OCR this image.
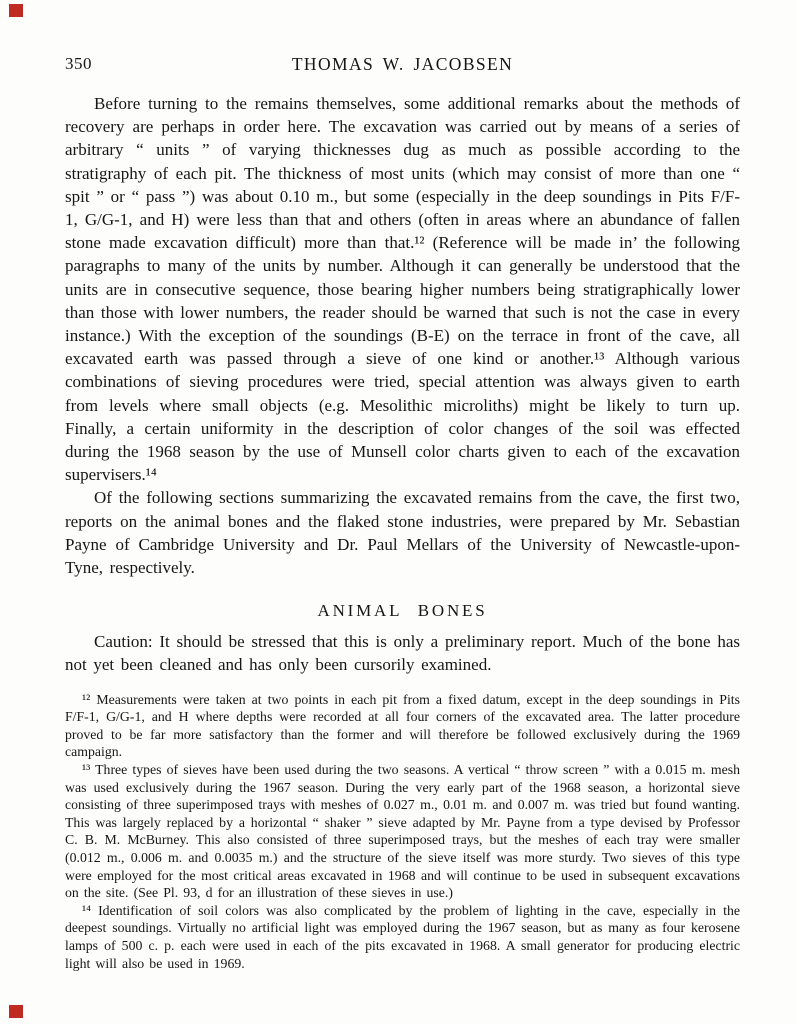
350	THOMAS W. JACOBSEN

Before turning to the remains themselves, some additional remarks about the methods of recovery are perhaps in order here. The excavation was carried out by means of a series of arbitrary “ units ” of varying thicknesses dug as much as possible according to the stratigraphy of each pit. The thickness of most units (which may consist of more than one “ spit ” or “ pass ”) was about 0.10 m., but some (especially in the deep soundings in Pits F/F-1, G/G-1, and H) were less than that and others (often in areas where an abundance of fallen stone made excavation difficult) more than that.¹² (Reference will be made in’ the following paragraphs to many of the units by number. Although it can generally be understood that the units are in consecutive sequence, those bearing higher numbers being stratigraphically lower than those with lower numbers, the reader should be warned that such is not the case in every instance.) With the exception of the soundings (B-E) on the terrace in front of the cave, all excavated earth was passed through a sieve of one kind or another.¹³ Although various combinations of sieving procedures were tried, special attention was always given to earth from levels where small objects (e.g. Mesolithic microliths) might be likely to turn up. Finally, a certain uniformity in the description of color changes of the soil was effected during the 1968 season by the use of Munsell color charts given to each of the excavation supervisers.¹⁴

Of the following sections summarizing the excavated remains from the cave, the first two, reports on the animal bones and the flaked stone industries, were prepared by Mr. Sebastian Payne of Cambridge University and Dr. Paul Mellars of the University of Newcastle-upon-Tyne, respectively.

ANIMAL BONES

Caution: It should be stressed that this is only a preliminary report. Much of the bone has not yet been cleaned and has only been cursorily examined.

¹² Measurements were taken at two points in each pit from a fixed datum, except in the deep soundings in Pits F/F-1, G/G-1, and H where depths were recorded at all four corners of the excavated area. The latter procedure proved to be far more satisfactory than the former and will therefore be followed exclusively during the 1969 campaign.

¹³ Three types of sieves have been used during the two seasons. A vertical “ throw screen ” with a 0.015 m. mesh was used exclusively during the 1967 season. During the very early part of the 1968 season, a horizontal sieve consisting of three superimposed trays with meshes of 0.027 m., 0.01 m. and 0.007 m. was tried but found wanting. This was largely replaced by a horizontal “ shaker ” sieve adapted by Mr. Payne from a type devised by Professor C. B. M. McBurney. This also consisted of three superimposed trays, but the meshes of each tray were smaller (0.012 m., 0.006 m. and 0.0035 m.) and the structure of the sieve itself was more sturdy. Two sieves of this type were employed for the most critical areas excavated in 1968 and will continue to be used in subsequent excavations on the site. (See Pl. 93, d for an illustration of these sieves in use.)

¹⁴ Identification of soil colors was also complicated by the problem of lighting in the cave, especially in the deepest soundings. Virtually no artificial light was employed during the 1967 season, but as many as four kerosene lamps of 500 c. p. each were used in each of the pits excavated in 1968. A small generator for producing electric light will also be used in 1969.
